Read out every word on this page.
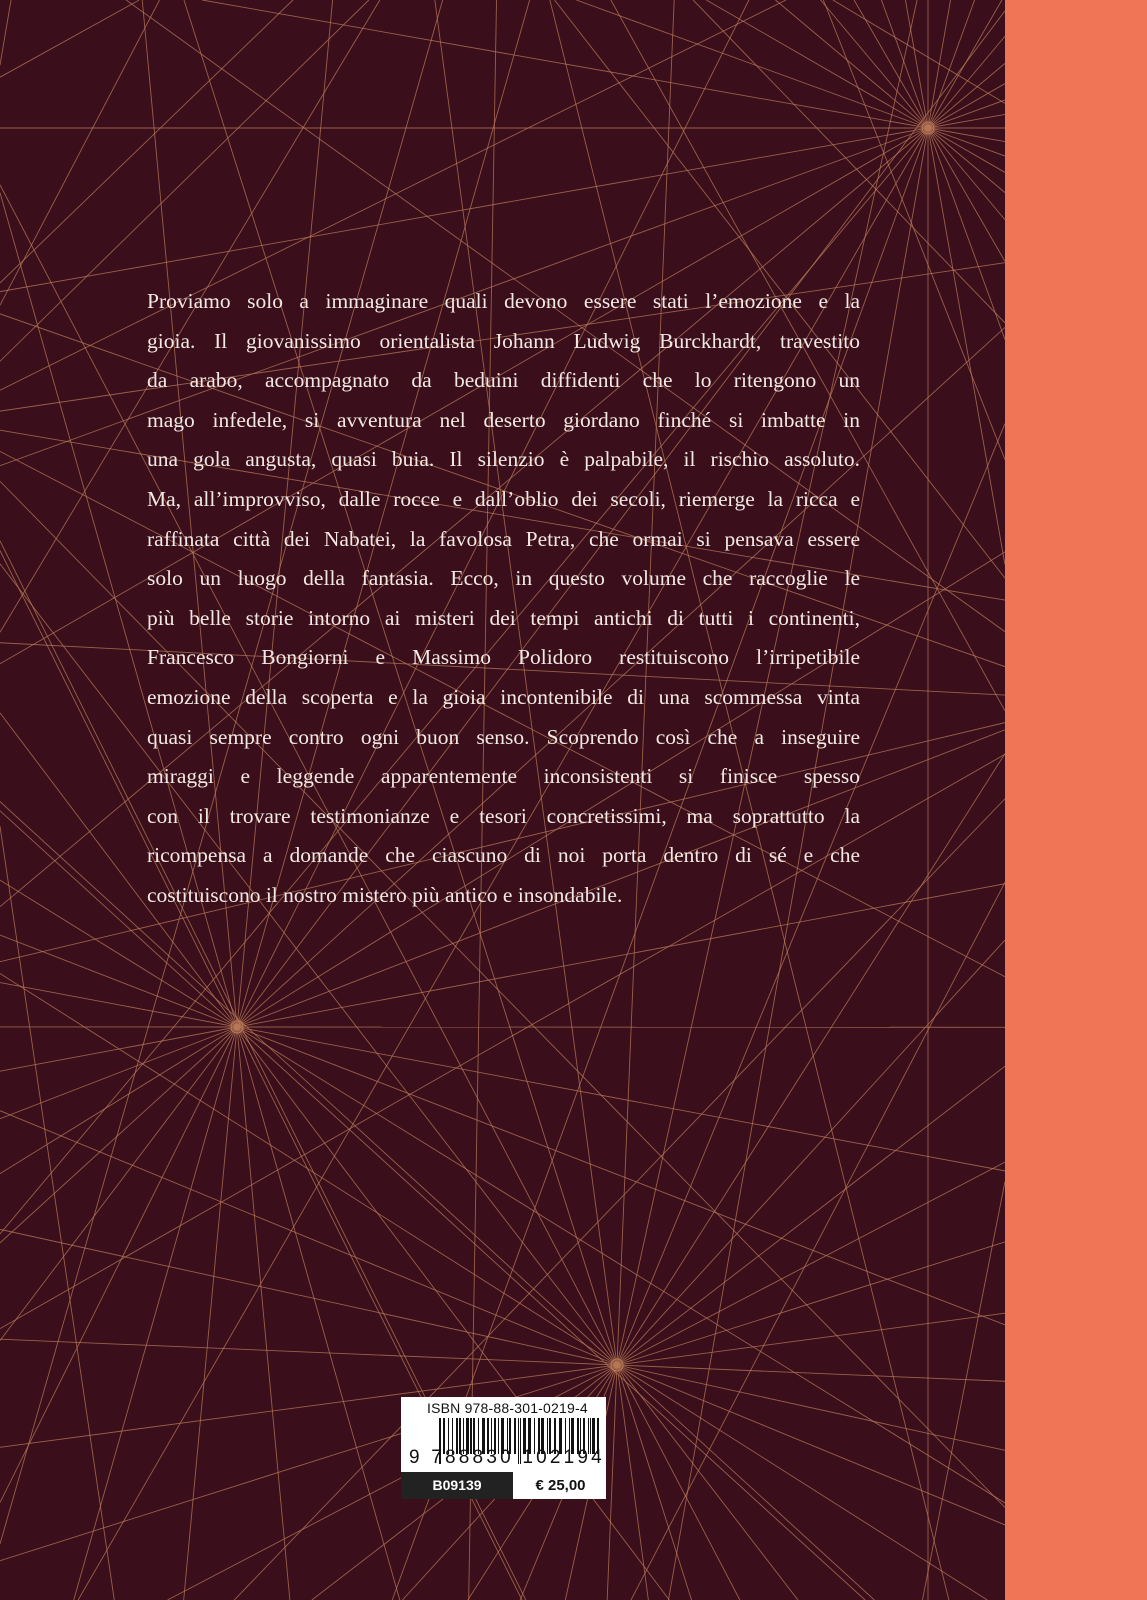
Proviamo solo a immaginare quali devono essere stati l’emozione e la
gioia. Il giovanissimo orientalista Johann Ludwig Burckhardt, travestito
da arabo, accompagnato da beduini diffidenti che lo ritengono un
mago infedele, si avventura nel deserto giordano finché si imbatte in
una gola angusta, quasi buia. Il silenzio è palpabile, il rischio assoluto.
Ma, all’improvviso, dalle rocce e dall’oblio dei secoli, riemerge la ricca e
raffinata città dei Nabatei, la favolosa Petra, che ormai si pensava essere
solo un luogo della fantasia. Ecco, in questo volume che raccoglie le
più belle storie intorno ai misteri dei tempi antichi di tutti i continenti,
Francesco Bongiorni e Massimo Polidoro restituiscono l’irripetibile
emozione della scoperta e la gioia incontenibile di una scommessa vinta
quasi sempre contro ogni buon senso. Scoprendo così che a inseguire
miraggi e leggende apparentemente inconsistenti si finisce spesso
con il trovare testimonianze e tesori concretissimi, ma soprattutto la
ricompensa a domande che ciascuno di noi porta dentro di sé e che
costituiscono il nostro mistero più antico e insondabile.
ISBN 978-88-301-0219-4
9 788830 102194
B09139	€ 25,00
